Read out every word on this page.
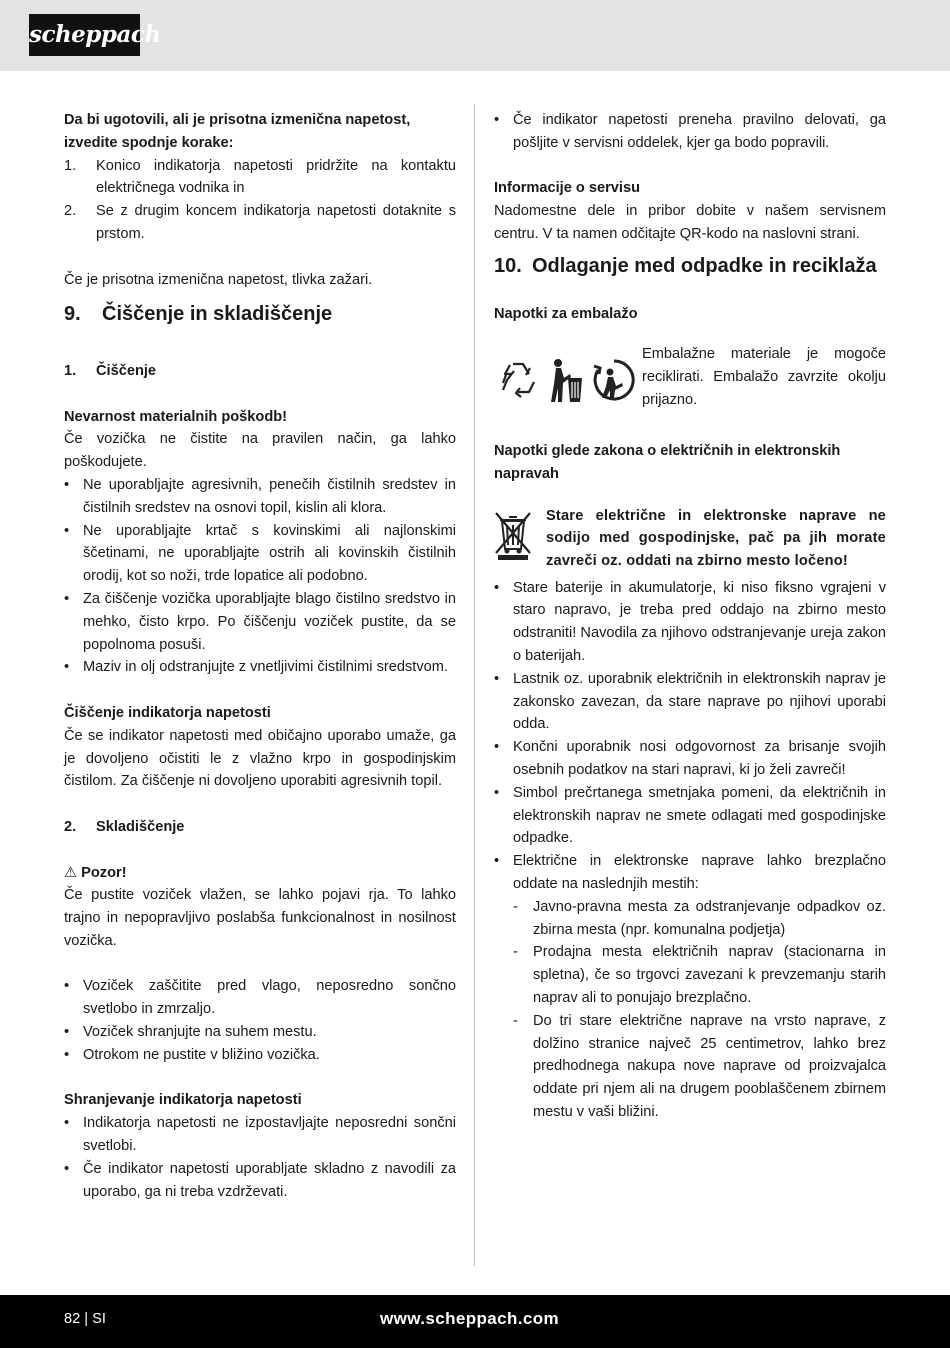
scheppach

Da bi ugotovili, ali je prisotna izmenična napetost, izvedite spodnje korake:

1.	Konico indikatorja napetosti pridržite na kontaktu električnega vodnika in
2.	Se z drugim koncem indikatorja napetosti dotaknite s prstom.

Če je prisotna izmenična napetost, tlivka zažari.

9.	Čiščenje in skladiščenje
1.	Čiščenje

Nevarnost materialnih poškodb!

Če vozička ne čistite na pravilen način, ga lahko poškodujete.

• Ne uporabljajte agresivnih, penečih čistilnih sredstev in čistilnih sredstev na osnovi topil, kislin ali klora.
• Ne uporabljajte krtač s kovinskimi ali najlonskimi ščetinami, ne uporabljajte ostrih ali kovinskih čistilnih orodij, kot so noži, trde lopatice ali podobno.
• Za čiščenje vozička uporabljajte blago čistilno sredstvo in mehko, čisto krpo. Po čiščenju voziček pustite, da se popolnoma posuši.
• Maziv in olj odstranjujte z vnetljivimi čistilnimi sredstvom.

Čiščenje indikatorja napetosti

Če se indikator napetosti med običajno uporabo umaže, ga je dovoljeno očistiti le z vlažno krpo in gospodinjskim čistilom. Za čiščenje ni dovoljeno uporabiti agresivnih topil.

2.	Skladiščenje

⚠ Pozor!

Če pustite voziček vlažen, se lahko pojavi rja. To lahko trajno in nepopravljivo poslabša funkcionalnost in nosilnost vozička.

• Voziček zaščitite pred vlago, neposredno sončno svetlobo in zmrzaljo.
• Voziček shranjujte na suhem mestu.
• Otrokom ne pustite v bližino vozička.

Shranjevanje indikatorja napetosti

• Indikatorja napetosti ne izpostavljajte neposredni sončni svetlobi.
• Če indikator napetosti uporabljate skladno z navodili za uporabo, ga ni treba vzdrževati.
• Če indikator napetosti preneha pravilno delovati, ga pošljite v servisni oddelek, kjer ga bodo popravili.

Informacije o servisu

Nadomestne dele in pribor dobite v našem servisnem centru. V ta namen odčitajte QR-kodo na naslovni strani.

10. Odlaganje med odpadke in reciklaža

Napotki za embalažo

Embalažne materiale je mogoče reciklirati. Embalažo zavrzite okolju prijazno.

Napotki glede zakona o električnih in elektronskih napravah

Stare električne in elektronske naprave ne sodijo med gospodinjske, pač pa jih morate zavreči oz. oddati na zbirno mesto ločeno!

• Stare baterije in akumulatorje, ki niso fiksno vgrajeni v staro napravo, je treba pred oddajo na zbirno mesto odstraniti! Navodila za njihovo odstranjevanje ureja zakon o baterijah.
• Lastnik oz. uporabnik električnih in elektronskih naprav je zakonsko zavezan, da stare naprave po njihovi uporabi odda.
• Končni uporabnik nosi odgovornost za brisanje svojih osebnih podatkov na stari napravi, ki jo želi zavreči!
• Simbol prečrtanega smetnjaka pomeni, da električnih in elektronskih naprav ne smete odlagati med gospodinjske odpadke.
• Električne in elektronske naprave lahko brezplačno oddate na naslednjih mestih:
-	Javno-pravna mesta za odstranjevanje odpadkov oz. zbirna mesta (npr. komunalna podjetja)
-	Prodajna mesta električnih naprav (stacionarna in spletna), če so trgovci zavezani k prevzemanju starih naprav ali to ponujajo brezplačno.
-	Do tri stare električne naprave na vrsto naprave, z dolžino stranice največ 25 centimetrov, lahko brez predhodnega nakupa nove naprave od proizvajalca oddate pri njem ali na drugem pooblaščenem zbirnem mestu v vaši bližini.
82 | SI	www.scheppach.com
